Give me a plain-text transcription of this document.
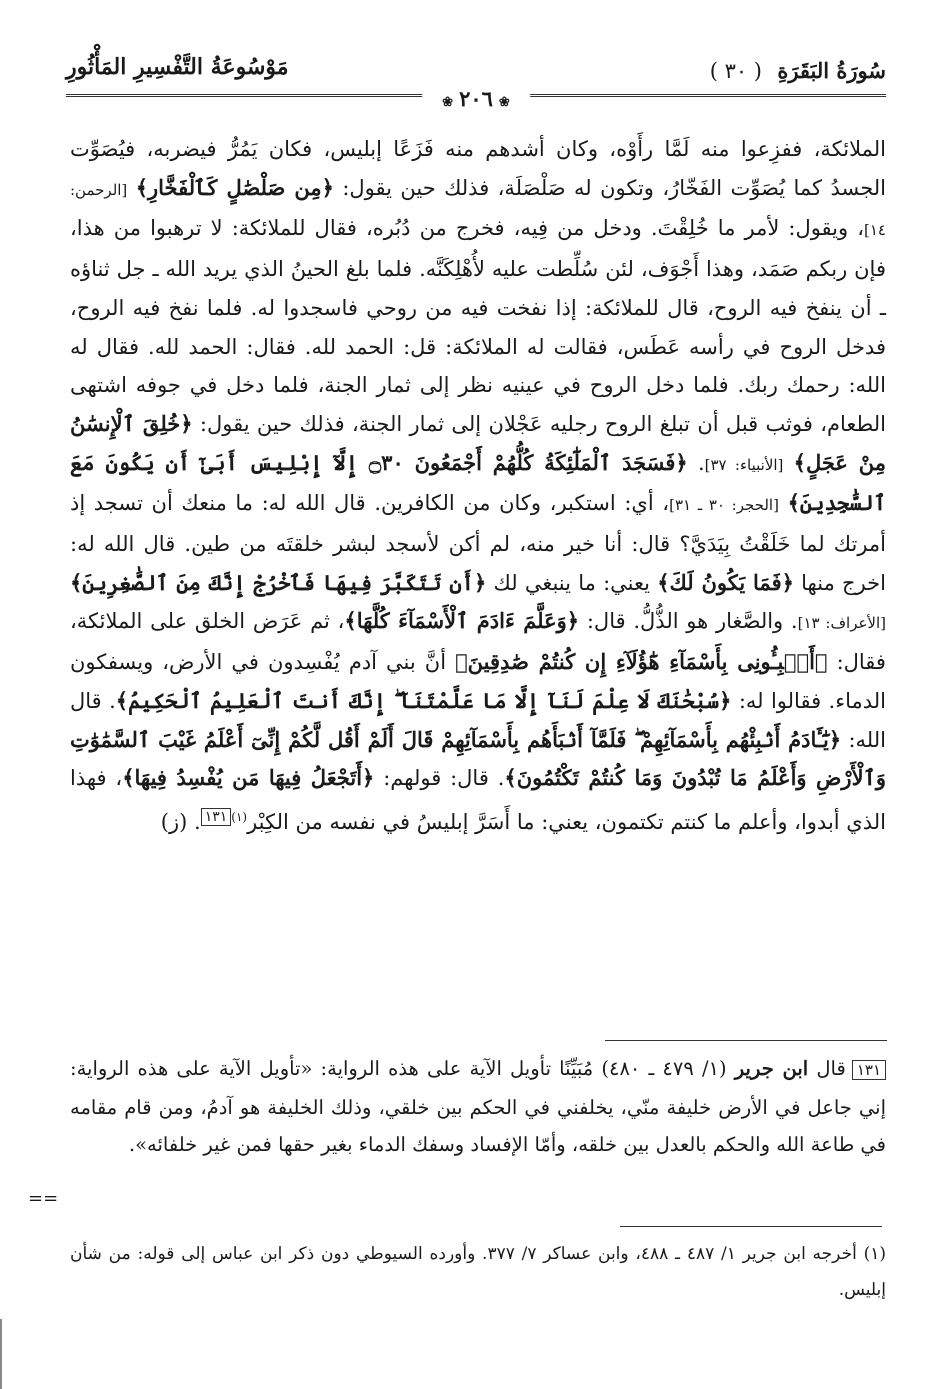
سُورَةُ البَقَرَةِ ( ٣٠ )
مَوْسُوعَةُ التَّفْسِيرِ المَأْثُورِ
❀٢٠٦❀

الملائكة، ففزِعوا منه لَمَّا رأَوْه، وكان أشدهم منه فَزَعًا إبليس، فكان يَمُرُّ فيضربه، فيُصَوِّت الجسدُ كما يُصَوِّت الفَخّارُ، وتكون له صَلْصَلَة، فذلك حين يقول: ﴿مِن صَلْصَٰلٍ كَٱلْفَخَّارِ﴾ [الرحمن: ١٤]، ويقول: لأمر ما خُلِقْتَ. ودخل من فِيه، فخرج من دُبُره، فقال للملائكة: لا ترهبوا من هذا، فإن ربكم صَمَد، وهذا أَجْوَف، لئن سُلِّطت عليه لأُهْلِكَنَّه. فلما بلغ الحينُ الذي يريد الله ـ جل ثناؤه ـ أن ينفخ فيه الروح، قال للملائكة: إذا نفخت فيه من روحي فاسجدوا له. فلما نفخ فيه الروح، فدخل الروح في رأسه عَطَس، فقالت له الملائكة: قل: الحمد لله. فقال: الحمد لله. فقال له الله: رحمك ربك. فلما دخل الروح في عينيه نظر إلى ثمار الجنة، فلما دخل في جوفه اشتهى الطعام، فوثب قبل أن تبلغ الروح رجليه عَجْلان إلى ثمار الجنة، فذلك حين يقول: ﴿خُلِقَ ٱلْإِنسَٰنُ مِنْ عَجَلٍ﴾ [الأنبياء: ٣٧]. ﴿فَسَجَدَ ٱلْمَلَٰٓئِكَةُ كُلُّهُمْ أَجْمَعُونَ ۝٣٠ إِلَّآ إِبْلِيسَ أَبَىٰٓ أَن يَكُونَ مَعَ ٱلسَّٰجِدِينَ﴾ [الحجر: ٣٠ ـ ٣١]، أي: استكبر، وكان من الكافرين. قال الله له: ما منعك أن تسجد إذ أمرتك لما خَلَقْتُ بِيَدَيَّ؟ قال: أنا خير منه، لم أكن لأسجد لبشر خلقتَه من طين. قال الله له: اخرج منها ﴿فَمَا يَكُونُ لَكَ﴾ يعني: ما ينبغي لك ﴿أَن تَتَكَبَّرَ فِيهَا فَٱخْرُجْ إِنَّكَ مِنَ ٱلصَّٰغِرِينَ﴾ [الأعراف: ١٣]. والصَّغار هو الذُّلُّ. قال: ﴿وَعَلَّمَ ءَادَمَ ٱلْأَسْمَآءَ كُلَّهَا﴾، ثم عَرَض الخلق على الملائكة، فقال: ﴿أَنۢبِـُٔونِى بِأَسْمَآءِ هَٰٓؤُلَآءِ إِن كُنتُمْ صَٰدِقِينَ﴾ أنَّ بني آدم يُفْسِدون في الأرض، ويسفكون الدماء. فقالوا له: ﴿سُبْحَٰنَكَ لَا عِلْمَ لَنَآ إِلَّا مَا عَلَّمْتَنَآ ۖ إِنَّكَ أَنتَ ٱلْعَلِيمُ ٱلْحَكِيمُ﴾. قال الله: ﴿يَٰٓـَٔادَمُ أَنۢبِئْهُم بِأَسْمَآئِهِمْ ۖ فَلَمَّآ أَنۢبَأَهُم بِأَسْمَآئِهِمْ قَالَ أَلَمْ أَقُل لَّكُمْ إِنِّىٓ أَعْلَمُ غَيْبَ ٱلسَّمَٰوَٰتِ وَٱلْأَرْضِ وَأَعْلَمُ مَا تُبْدُونَ وَمَا كُنتُمْ تَكْتُمُونَ﴾. قال: قولهم: ﴿أَتَجْعَلُ فِيهَا مَن يُفْسِدُ فِيهَا﴾، فهذا الذي أبدوا، وأعلم ما كنتم تكتمون، يعني: ما أَسَرَّ إبليسُ في نفسه من الكِبْر$^{(١)١٣١}$. (ز)

١٣١قال ابن جرير (١/ ٤٧٩ ـ ٤٨٠) مُبَيِّنًا تأويل الآية على هذه الرواية: «تأويل الآية على هذه الرواية: إني جاعل في الأرض خليفة منّي، يخلفني في الحكم بين خلقي، وذلك الخليفة هو آدمُ، ومن قام مقامه في طاعة الله والحكم بالعدل بين خلقه، وأمّا الإفساد وسفك الدماء بغير حقها فمن غير خلفائه».

==

(١) أخرجه ابن جرير ١/ ٤٨٧ ـ ٤٨٨، وابن عساكر ٧/ ٣٧٧. وأورده السيوطي دون ذكر ابن عباس إلى قوله: من شأن إبليس.
